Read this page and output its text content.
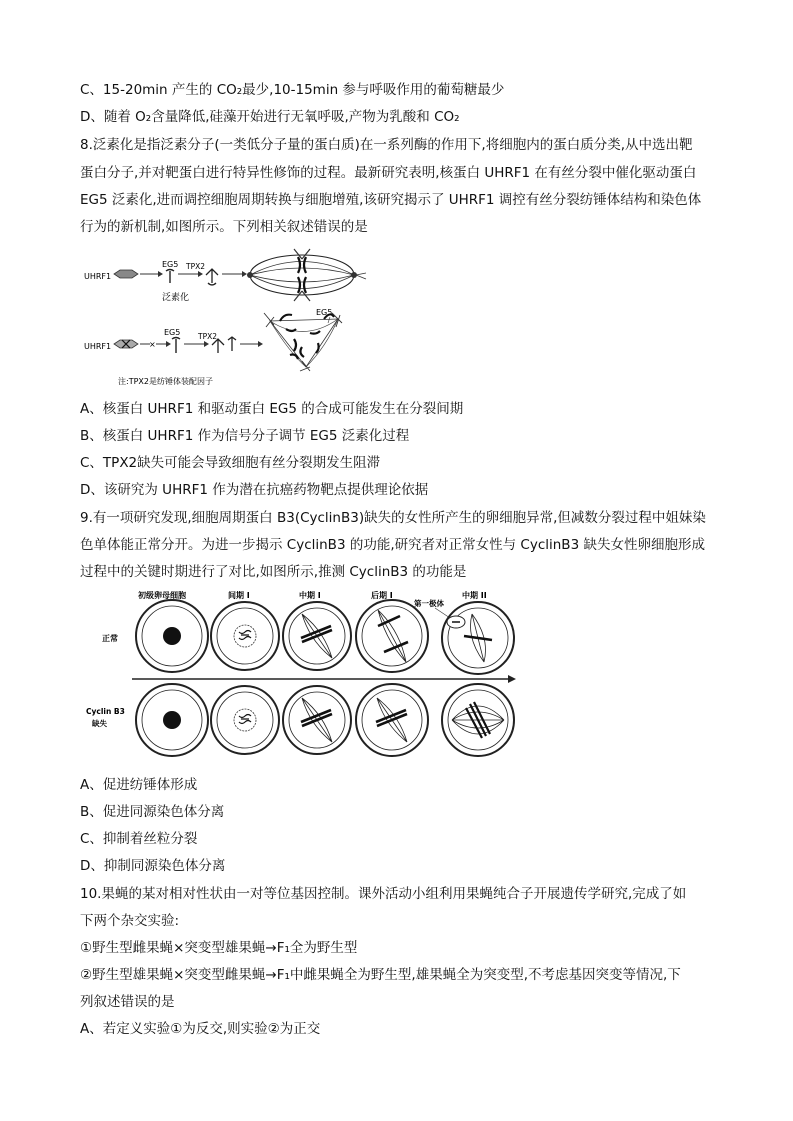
C、15-20min 产生的 CO₂最少,10-15min 参与呼吸作用的葡萄糖最少
D、随着 O₂含量降低,硅藻开始进行无氧呼吸,产物为乳酸和 CO₂
8.泛素化是指泛素分子(一类低分子量的蛋白质)在一系列酶的作用下,将细胞内的蛋白质分类,从中选出靶
蛋白分子,并对靶蛋白进行特异性修饰的过程。最新研究表明,核蛋白 UHRF1 在有丝分裂中催化驱动蛋白
EG5 泛素化,进而调控细胞周期转换与细胞增殖,该研究揭示了 UHRF1 调控有丝分裂纺锤体结构和染色体
行为的新机制,如图所示。下列相关叙述错误的是
UHRF1
EG5
泛素化
TPX2
UHRF1	×
EG5 TPX2
EG5
注:TPX2是纺锤体装配因子
A、核蛋白 UHRF1 和驱动蛋白 EG5 的合成可能发生在分裂间期
B、核蛋白 UHRF1 作为信号分子调节 EG5 泛素化过程
C、TPX2缺失可能会导致细胞有丝分裂期发生阻滞
D、该研究为 UHRF1 作为潜在抗癌药物靶点提供理论依据
9.有一项研究发现,细胞周期蛋白 B3(CyclinB3)缺失的女性所产生的卵细胞异常,但减数分裂过程中姐妹染
色单体能正常分开。为进一步揭示 CyclinB3 的功能,研究者对正常女性与 CyclinB3 缺失女性卵细胞形成
过程中的关键时期进行了对比,如图所示,推测 CyclinB3 的功能是
初级卵母细胞	间期 I	中期 I	后期 I	中期 II
第一极体
正常
Cyclin B3
缺失
A、促进纺锤体形成
B、促进同源染色体分离
C、抑制着丝粒分裂
D、抑制同源染色体分离
10.果蝇的某对相对性状由一对等位基因控制。课外活动小组利用果蝇纯合子开展遗传学研究,完成了如
下两个杂交实验:
①野生型雌果蝇×突变型雄果蝇→F₁全为野生型
②野生型雄果蝇×突变型雌果蝇→F₁中雌果蝇全为野生型,雄果蝇全为突变型,不考虑基因突变等情况,下
列叙述错误的是
A、若定义实验①为反交,则实验②为正交
